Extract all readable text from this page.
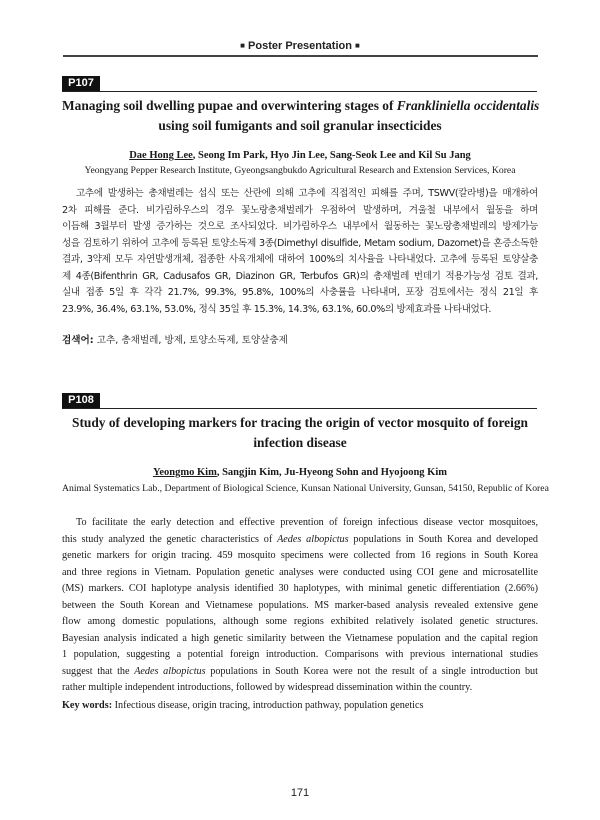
■ Poster Presentation ■
P107
Managing soil dwelling pupae and overwintering stages of Frankliniella occidentalis
using soil fumigants and soil granular insecticides
Dae Hong Lee, Seong Im Park, Hyo Jin Lee, Sang-Seok Lee and Kil Su Jang
Yeongyang Pepper Research Institute, Gyeongsangbukdo Agricultural Research and Extension Services, Korea
고추에 발생하는 총채벌레는 섭식 또는 산란에 의해 고추에 직접적인 피해를 주며, TSWV(칼라병)을 매개하여
2차 피해를 준다. 비가림하우스의 경우 꽃노랑총채벌레가 우점하여 발생하며, 겨울철 내부에서 월동을 하며
이듬해 3월부터 발생 증가하는 것으로 조사되었다. 비가림하우스 내부에서 월동하는 꽃노랑총채벌레의 방제가능
성을 검토하기 위하여 고추에 등록된 토양소독제 3종(Dimethyl disulfide, Metam sodium, Dazomet)을 혼증소독한
결과, 3약제 모두 자연발생개체, 접종한 사육개체에 대하여 100%의 치사율을 나타내었다. 고추에 등록된 토양살충
제 4종(Bifenthrin GR, Cadusafos GR, Diazinon GR, Terbufos GR)의 총채벌레 번데기 적용가능성 검토 결과,
실내 접종 5일 후 각각 21.7%, 99.3%, 95.8%, 100%의 사충률을 나타내며, 포장 검토에서는 정식 21일 후
23.9%, 36.4%, 63.1%, 53.0%, 정식 35일 후 15.3%, 14.3%, 63.1%, 60.0%의 방제효과를 나타내었다.
검색어: 고추, 총채벌레, 방제, 토양소독제, 토양살충제
P108
Study of developing markers for tracing the origin of vector mosquito of foreign
infection disease
Yeongmo Kim, Sangjin Kim, Ju-Hyeong Sohn and Hyojoong Kim
Animal Systematics Lab., Department of Biological Science, Kunsan National University, Gunsan, 54150, Republic of Korea
To facilitate the early detection and effective prevention of foreign infectious disease vector mosquitoes,
this study analyzed the genetic characteristics of Aedes albopictus populations in South Korea and developed
genetic markers for origin tracing. 459 mosquito specimens were collected from 16 regions in South Korea
and three regions in Vietnam. Population genetic analyses were conducted using COI gene and microsatellite
(MS) markers. COI haplotype analysis identified 30 haplotypes, with minimal genetic differentiation (2.66%)
between the South Korean and Vietnamese populations. MS marker-based analysis revealed extensive gene
flow among domestic populations, although some regions exhibited relatively isolated genetic structures.
Bayesian analysis indicated a high genetic similarity between the Vietnamese population and the capital region
1 population, suggesting a potential foreign introduction. Comparisons with previous international studies
suggest that the Aedes albopictus populations in South Korea were not the result of a single introduction but
rather multiple independent introductions, followed by widespread dissemination within the country.
Key words: Infectious disease, origin tracing, introduction pathway, population genetics
171
